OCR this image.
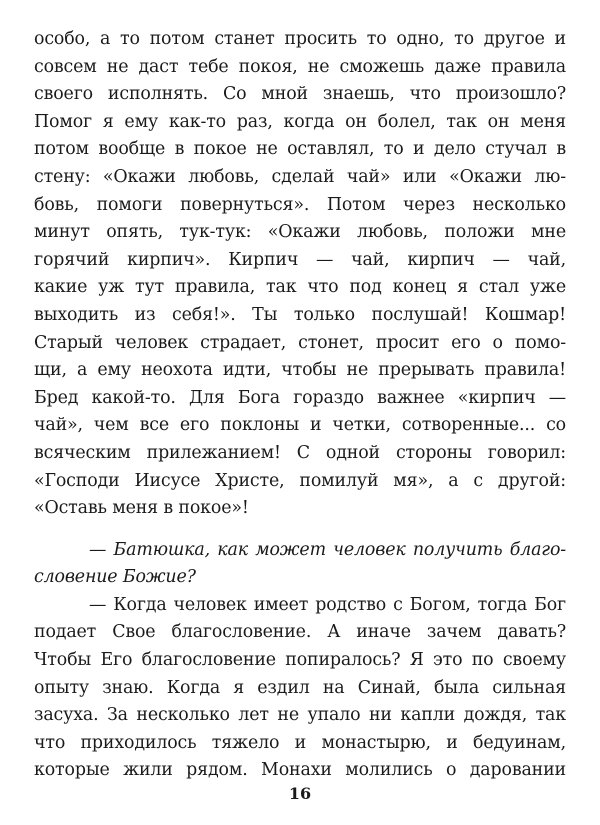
особо, а то потом станет просить то одно, то другое и
совсем не даст тебе покоя, не сможешь даже правила
своего исполнять. Со мной знаешь, что произошло?
Помог я ему как-то раз, когда он болел, так он меня
потом вообще в покое не оставлял, то и дело стучал в
стену: «Окажи любовь, сделай чай» или «Окажи лю-
бовь, помоги повернуться». Потом через несколько
минут опять, тук-тук: «Окажи любовь, положи мне
горячий кирпич». Кирпич — чай, кирпич — чай,
какие уж тут правила, так что под конец я стал уже
выходить из себя!». Ты только послушай! Кошмар!
Старый человек страдает, стонет, просит его о помо-
щи, а ему неохота идти, чтобы не прерывать правила!
Бред какой-то. Для Бога гораздо важнее «кирпич —
чай», чем все его поклоны и четки, сотворенные... со
всяческим прилежанием! С одной стороны говорил:
«Господи Иисусе Христе, помилуй мя», а с другой:
«Оставь меня в покое»!
— Батюшка, как может человек получить благо-
словение Божие?
— Когда человек имеет родство с Богом, тогда Бог
подает Свое благословение. А иначе зачем давать?
Чтобы Его благословение попиралось? Я это по своему
опыту знаю. Когда я ездил на Синай, была сильная
засуха. За несколько лет не упало ни капли дождя, так
что приходилось тяжело и монастырю, и бедуинам,
которые жили рядом. Монахи молились о даровании
16
